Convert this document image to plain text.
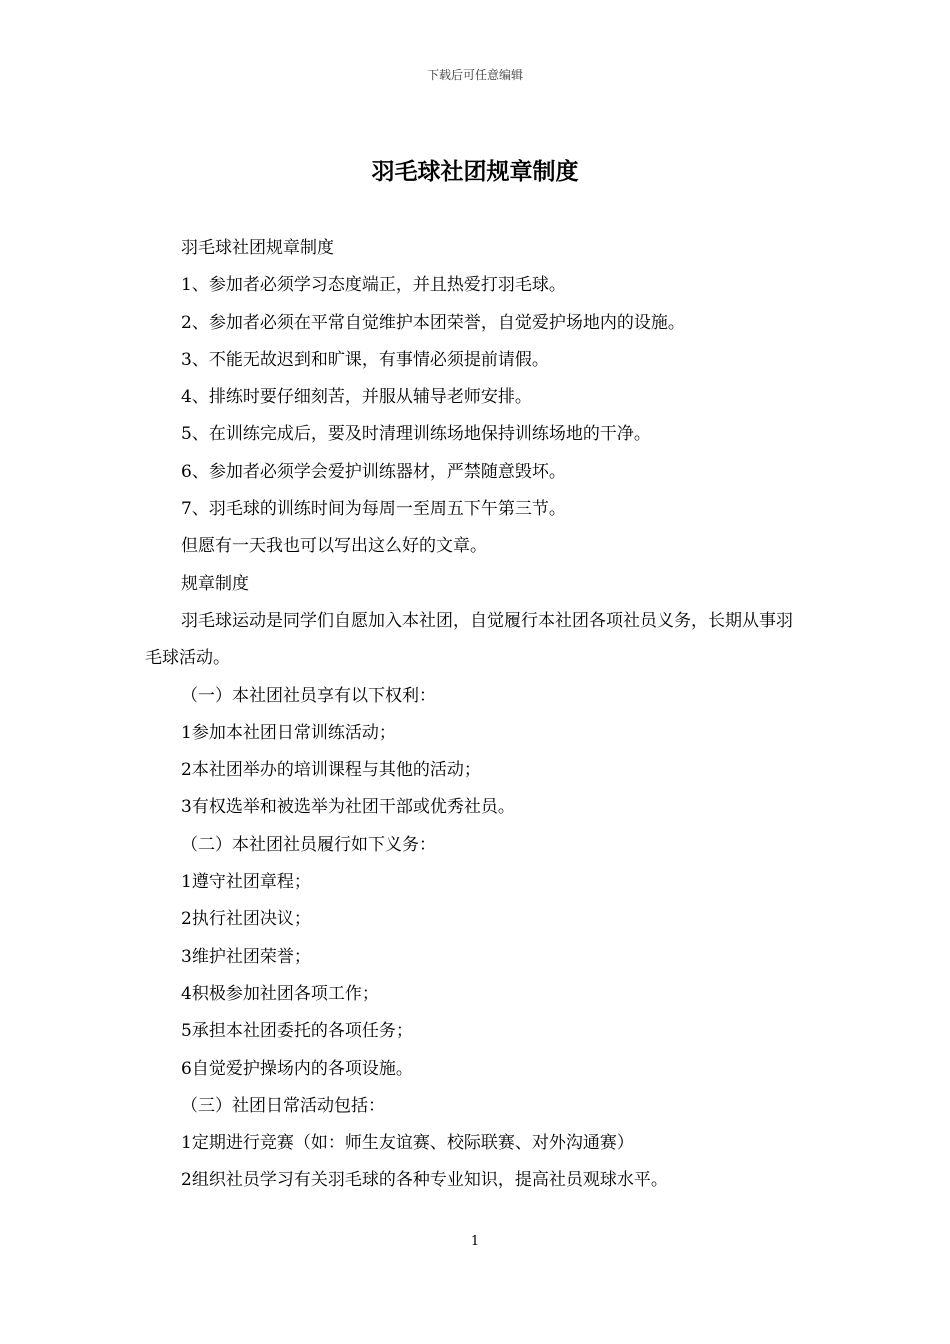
下载后可任意编辑
羽毛球社团规章制度

羽毛球社团规章制度

1、参加者必须学习态度端正，并且热爱打羽毛球。

2、参加者必须在平常自觉维护本团荣誉，自觉爱护场地内的设施。

3、不能无故迟到和旷课，有事情必须提前请假。

4、排练时要仔细刻苦，并服从辅导老师安排。

5、在训练完成后，要及时清理训练场地保持训练场地的干净。

6、参加者必须学会爱护训练器材，严禁随意毁坏。

7、羽毛球的训练时间为每周一至周五下午第三节。

但愿有一天我也可以写出这么好的文章。

规章制度

羽毛球运动是同学们自愿加入本社团，自觉履行本社团各项社员义务，长期从事羽毛球活动。

（一）本社团社员享有以下权利：

1参加本社团日常训练活动；

2本社团举办的培训课程与其他的活动；

3有权选举和被选举为社团干部或优秀社员。

（二）本社团社员履行如下义务：

1遵守社团章程；

2执行社团决议；

3维护社团荣誉；

4积极参加社团各项工作；

5承担本社团委托的各项任务；

6自觉爱护操场内的各项设施。

（三）社团日常活动包括：

1定期进行竞赛（如：师生友谊赛、校际联赛、对外沟通赛）

2组织社员学习有关羽毛球的各种专业知识，提高社员观球水平。

1
